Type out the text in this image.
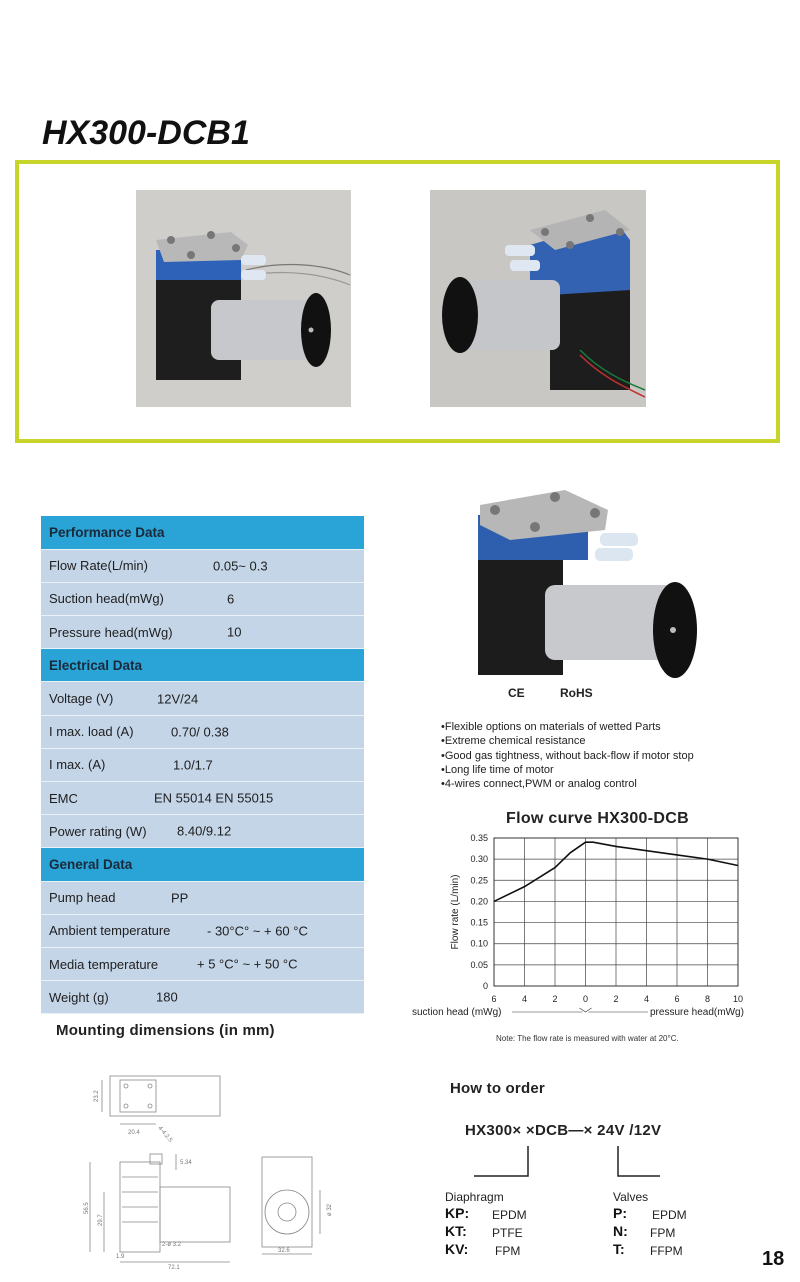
HX300-DCB1
Performance Data
Flow Rate(L/min)	0.05~ 0.3

Suction head(mWg)	6

Pressure head(mWg)	10

Electrical Data
Voltage (V)	12V/24

I max. load (A)	0.70/ 0.38

I max. (A)	1.0/1.7

EMC	EN 55014 EN 55015

Power rating (W) 8.40/9.12

General Data
Pump head	PP

Ambient temperature	- 30°C° ~ + 60 °C

Media temperature	+ 5 °C° ~ + 50 °C

Weight (g)	180
CE	RoHS
• Flexible options on materials of wetted Parts
• Extreme chemical resistance
• Good gas tightness, without back-flow if motor stop
• Long life time of motor
• 4-wires connect,PWM or analog control
Flow curve HX300-DCB
0.35
0.30
0.25
0.20
0.15
0.10
0.05
0
6	4	2	0	2	4	6	8	10
Flow rate (L/min)
suction head (mWg)	pressure head(mWg)
Note: The flow rate is measured with water at 20°C.
Mounting dimensions (in mm)
23.2
20.4	4-4.2.5
5.34
56.5
29.7
2-ø 3.2
1.9
72.1
ø 32
32.6
How to order
HX300× ×DCB—× 24V /12V
Diaphragm	Valves
KP: EPDM
KT: PTFE
KV: FPM
P: EPDM
N: FPM
T: FFPM	18
